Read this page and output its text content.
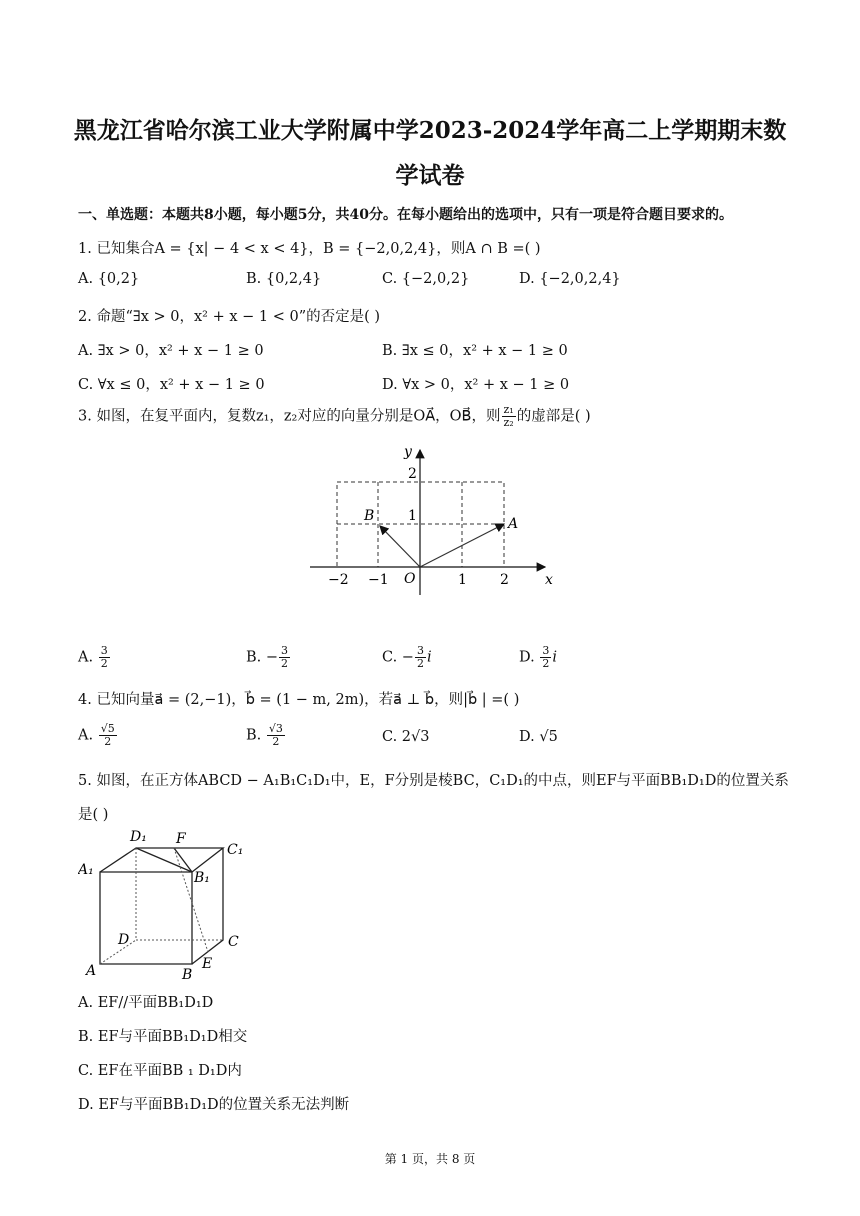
黑龙江省哈尔滨工业大学附属中学2023-2024学年高二上学期期末数
学试卷
一、单选题：本题共8小题，每小题5分，共40分。在每小题给出的选项中，只有一项是符合题目要求的。
1. 已知集合A = {x| − 4 < x < 4}，B = {−2,0,2,4}，则A ∩ B =( )
A. {0,2}	B. {0,2,4}	C. {−2,0,2}	D. {−2,0,2,4}
2. 命题“∃x > 0，x² + x − 1 < 0”的否定是( )
A. ∃x > 0，x² + x − 1 ≥ 0	B. ∃x ≤ 0，x² + x − 1 ≥ 0
C. ∀x ≤ 0，x² + x − 1 ≥ 0	D. ∀x > 0，x² + x − 1 ≥ 0
3. 如图，在复平面内，复数z₁，z₂对应的向量分别是OA⃗，OB⃗，则 $\frac{\text{z₁}}{\text{z₂}}$ 的虚部是( )
x
y
O
A
B
−2 −1	1 2
1
2
A. $\frac{3}{2}$	B. − $\frac{3}{2}$	C. − $\frac{3}{2}$ i	D. $\frac{3}{2}$ i
4. 已知向量a⃗ = (2,−1)，b⃗ = (1 − m, 2m)，若a⃗ ⊥ b⃗，则|b⃗ | =( )
A. $\frac{√5}{2}$	B. $\frac{√3}{2}$	C. 2√3	D. √5
5. 如图，在正方体ABCD − A₁B₁C₁D₁中，E，F分别是棱BC，C₁D₁的中点，则EF与平面BB₁D₁D的位置关系
是( )
D₁ F
C₁
A₁	B₁
D	C
A	B
E
A. EF//平面BB₁D₁D
B. EF与平面BB₁D₁D相交
C. EF在平面BB ₁ D₁D内
D. EF与平面BB₁D₁D的位置关系无法判断
第 1 页，共 8 页
